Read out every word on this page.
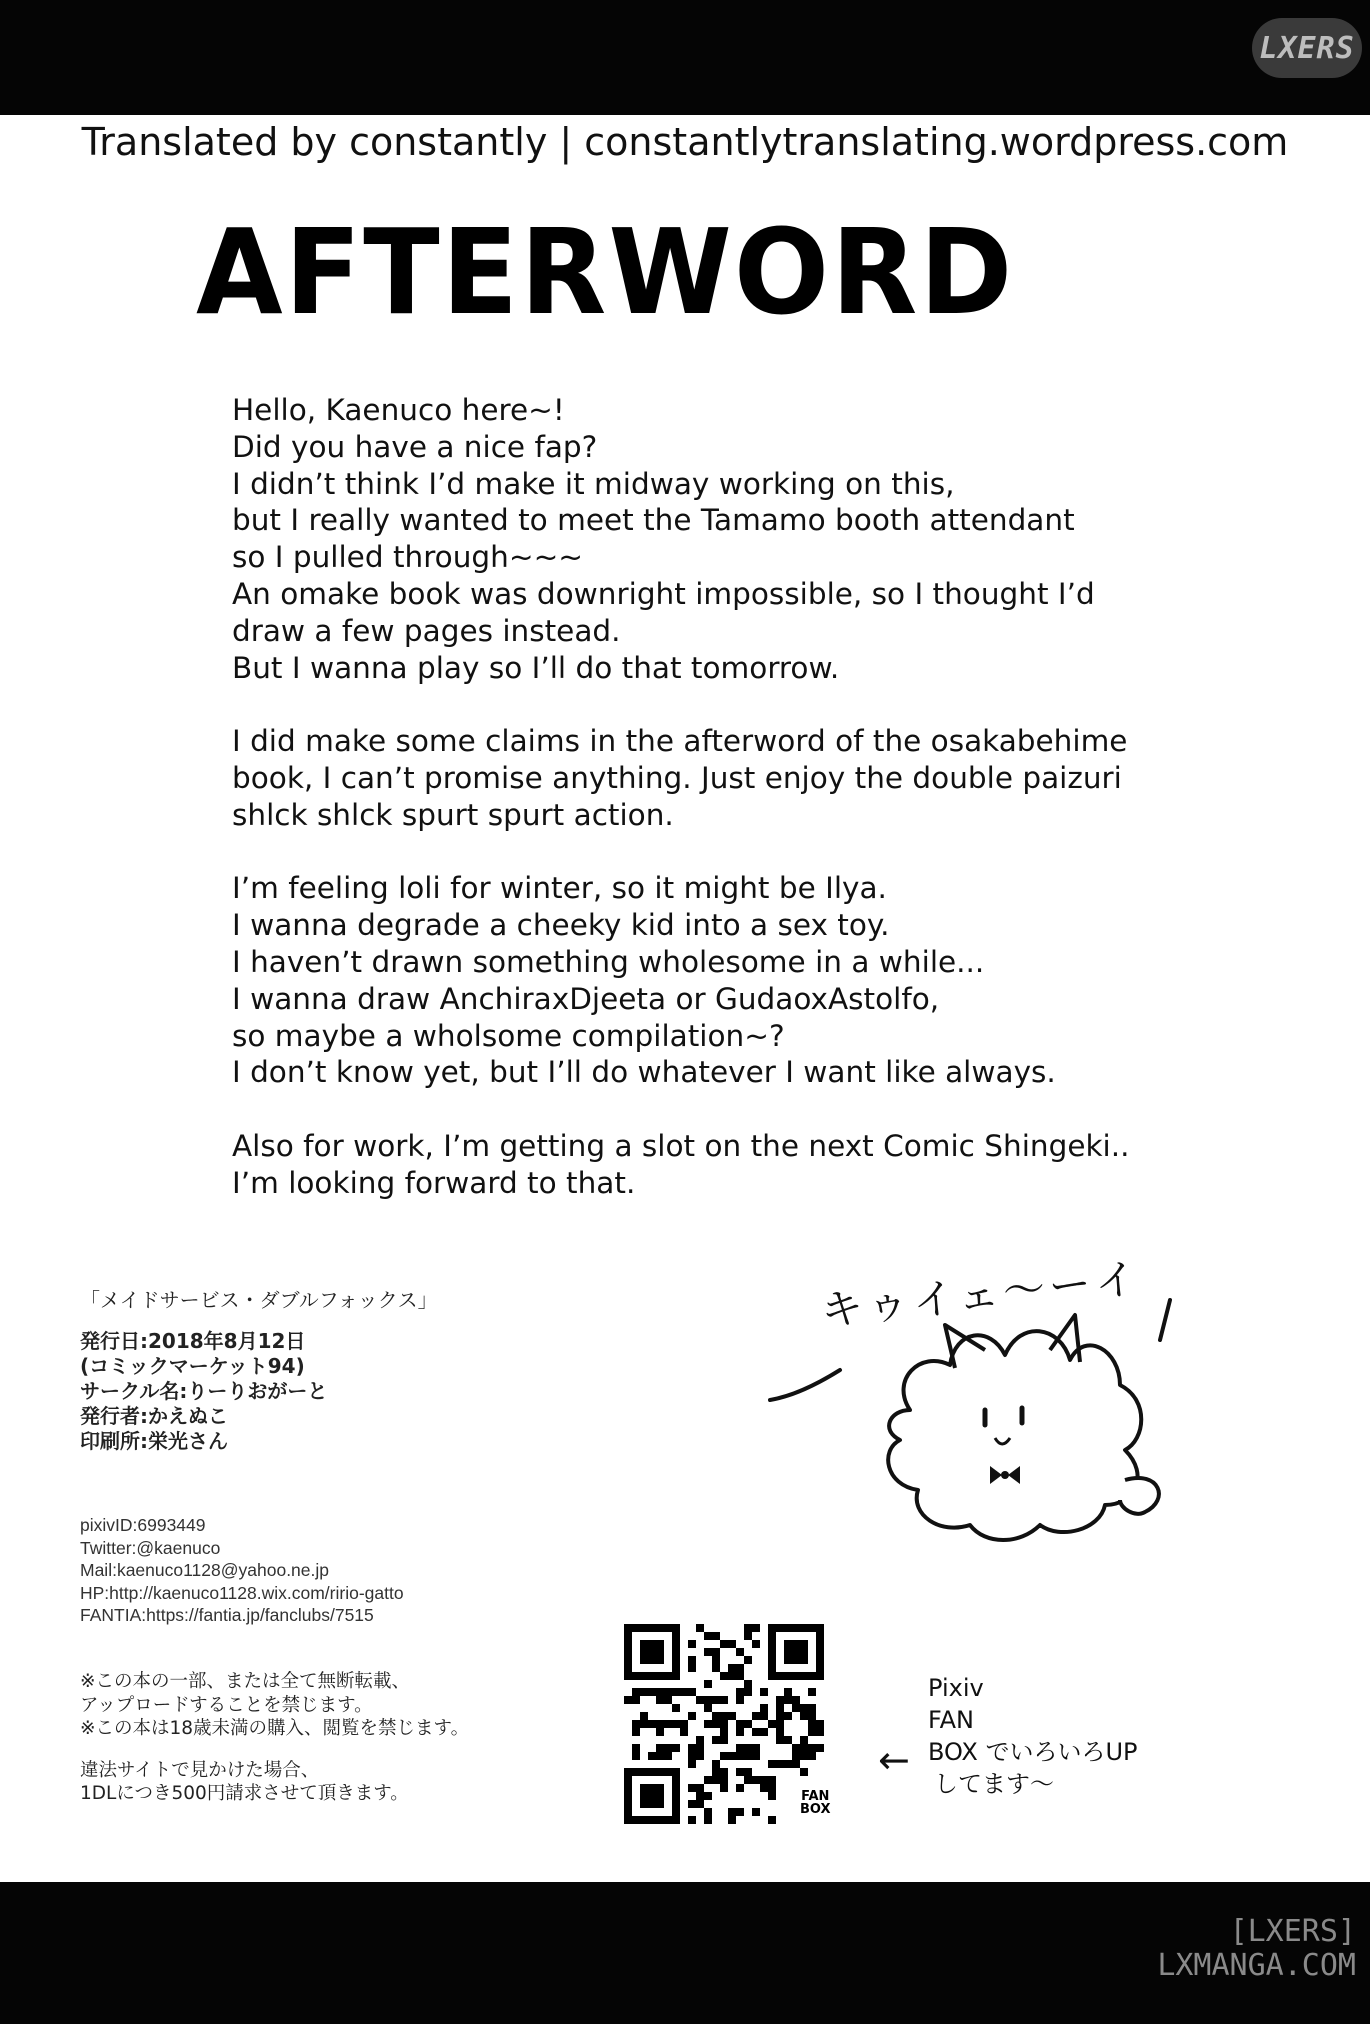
LXERS
Translated by constantly | constantlytranslating.wordpress.com
AFTERWORD
Hello, Kaenuco here~!
Did you have a nice fap?
I didn’t think I’d make it midway working on this,
but I really wanted to meet the Tamamo booth attendant
so I pulled through~~~
An omake book was downright impossible, so I thought I’d
draw a few pages instead.
But I wanna play so I’ll do that tomorrow.
I did make some claims in the afterword of the osakabehime
book, I can’t promise anything. Just enjoy the double paizuri
shlck shlck spurt spurt action.
I’m feeling loli for winter, so it might be Ilya.
I wanna degrade a cheeky kid into a sex toy.
I haven’t drawn something wholesome in a while...
I wanna draw AnchiraxDjeeta or GudaoxAstolfo,
so maybe a wholsome compilation~?
I don’t know yet, but I’ll do whatever I want like always.
Also for work, I’m getting a slot on the next Comic Shingeki..
I’m looking forward to that.
キゥイェ〜ーイ
「メイドサービス・ダブルフォックス」
発行日:2018年8月12日
(コミックマーケット94)
サークル名:りーりおがーと
発行者:かえぬこ
印刷所:栄光さん
pixivID:6993449
Twitter:@kaenuco
Mail:kaenuco1128@yahoo.ne.jp
HP:http://kaenuco1128.wix.com/ririo-gatto
FANTIA:https://fantia.jp/fanclubs/7515
※この本の一部、または全て無断転載、
アップロードすることを禁じます。
※この本は18歳未満の購入、閲覧を禁じます。
違法サイトで見かけた場合、
1DLにつき500円請求させて頂きます。	FAN
BOX
←
Pixiv
FAN
BOX でいろいろUP
してます〜
[LXERS]
LXMANGA.COM
